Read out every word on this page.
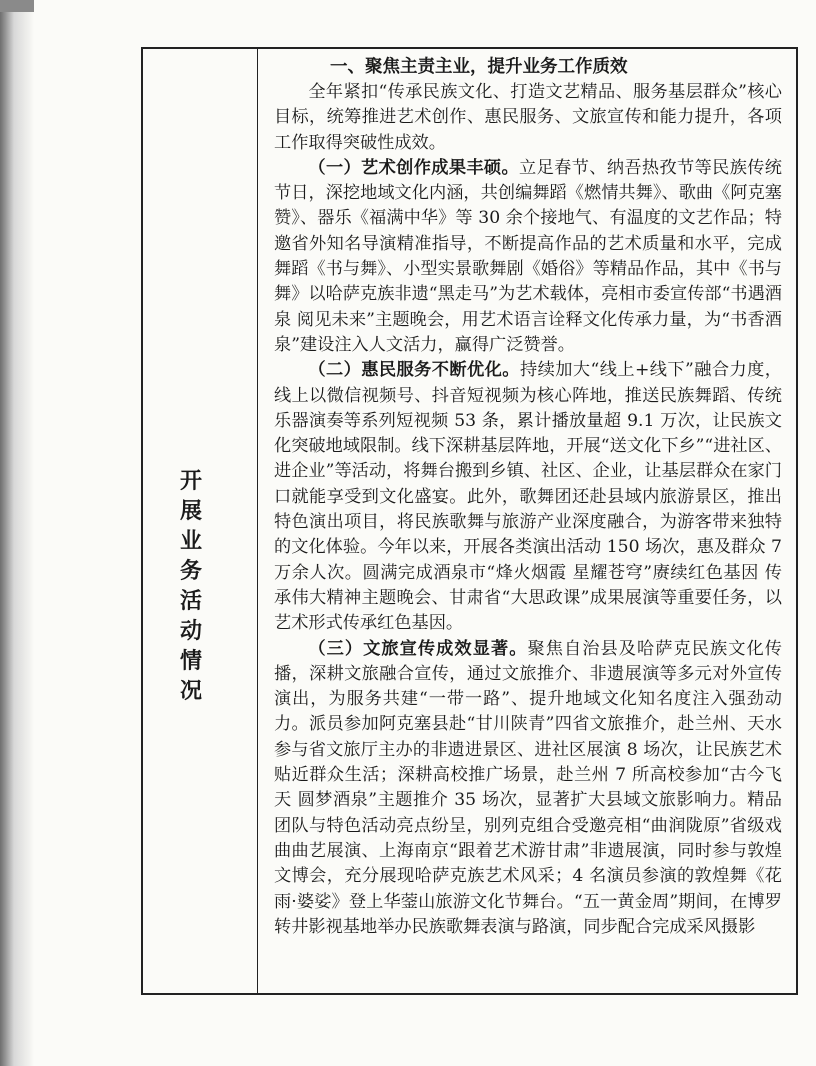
开展业务活动情况

一、聚焦主责主业，提升业务工作质效

全年紧扣“传承民族文化、打造文艺精品、服务基层群众”核心目标，统筹推进艺术创作、惠民服务、文旅宣传和能力提升，各项工作取得突破性成效。

（一）艺术创作成果丰硕。立足春节、纳吾热孜节等民族传统节日，深挖地域文化内涵，共创编舞蹈《燃情共舞》、歌曲《阿克塞赞》、器乐《福满中华》等 30 余个接地气、有温度的文艺作品；特邀省外知名导演精准指导，不断提高作品的艺术质量和水平，完成舞蹈《书与舞》、小型实景歌舞剧《婚俗》等精品作品，其中《书与舞》以哈萨克族非遗“黑走马”为艺术载体，亮相市委宣传部“书遇酒泉 阅见未来”主题晚会，用艺术语言诠释文化传承力量，为“书香酒泉”建设注入人文活力，赢得广泛赞誉。

（二）惠民服务不断优化。持续加大“线上+线下”融合力度，线上以微信视频号、抖音短视频为核心阵地，推送民族舞蹈、传统乐器演奏等系列短视频 53 条，累计播放量超 9.1 万次，让民族文化突破地域限制。线下深耕基层阵地，开展“送文化下乡”“进社区、进企业”等活动，将舞台搬到乡镇、社区、企业，让基层群众在家门口就能享受到文化盛宴。此外，歌舞团还赴县域内旅游景区，推出特色演出项目，将民族歌舞与旅游产业深度融合，为游客带来独特的文化体验。今年以来，开展各类演出活动 150 场次，惠及群众 7 万余人次。圆满完成酒泉市“烽火烟霞 星耀苍穹”赓续红色基因 传承伟大精神主题晚会、甘肃省“大思政课”成果展演等重要任务，以艺术形式传承红色基因。

（三）文旅宣传成效显著。聚焦自治县及哈萨克民族文化传播，深耕文旅融合宣传，通过文旅推介、非遗展演等多元对外宣传演出，为服务共建“一带一路”、提升地域文化知名度注入强劲动力。派员参加阿克塞县赴“甘川陕青”四省文旅推介，赴兰州、天水参与省文旅厅主办的非遗进景区、进社区展演 8 场次，让民族艺术贴近群众生活；深耕高校推广场景，赴兰州 7 所高校参加“古今飞天 圆梦酒泉”主题推介 35 场次，显著扩大县域文旅影响力。精品团队与特色活动亮点纷呈，别列克组合受邀亮相“曲润陇原”省级戏曲曲艺展演、上海南京“跟着艺术游甘肃”非遗展演，同时参与敦煌文博会，充分展现哈萨克族艺术风采；4 名演员参演的敦煌舞《花雨·婆娑》登上华蓥山旅游文化节舞台。“五一黄金周”期间，在博罗转井影视基地举办民族歌舞表演与路演，同步配合完成采风摄影
